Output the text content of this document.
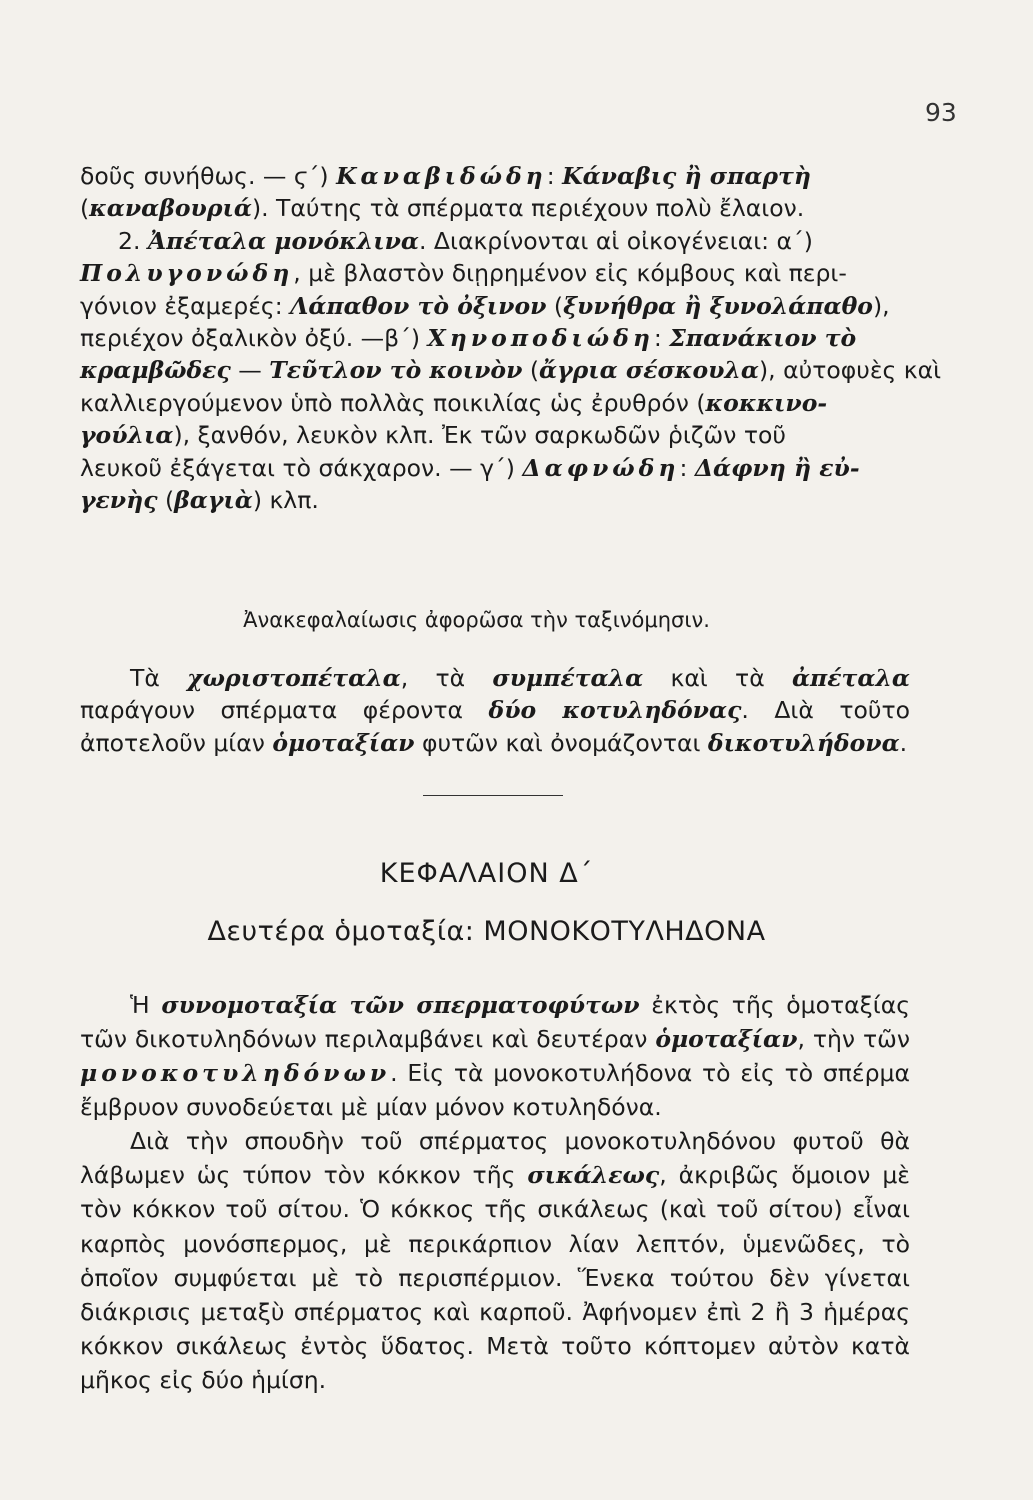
93
δοῦς συνήθως. — ϛ΄) Καναβιδώδη: Κάναβις ἢ σπαρτὴ
(καναβουριά). Ταύτης τὰ σπέρματα περιέχουν πολὺ ἔλαιον.
2. Ἀπέταλα μονόκλινα. Διακρίνονται αἱ οἰκογένειαι: α΄)
Πολυγονώδη, μὲ βλαστὸν διῃρημένον εἰς κόμβους καὶ περι-
γόνιον ἐξαμερές: Λάπαθον τὸ ὀξινον (ξυνήθρα ἢ ξυνολάπαθο),
περιέχον ὀξαλικὸν ὀξύ. —β΄) Χηνοποδιώδη: Σπανάκιον τὸ
κραμβῶδες — Τεῦτλον τὸ κοινὸν (ἄγρια σέσκουλα), αὐτοφυὲς καὶ
καλλιεργούμενον ὑπὸ πολλὰς ποικιλίας ὡς ἐρυθρόν (κοκκινο-
γούλια), ξανθόν, λευκὸν κλπ. Ἐκ τῶν σαρκωδῶν ῥιζῶν τοῦ
λευκοῦ ἐξάγεται τὸ σάκχαρον. — γ΄) Δαφνώδη: Δάφνη ἢ εὐ-
γενὴς (βαγιὰ) κλπ.
Ἀνακεφαλαίωσις ἀφορῶσα τὴν ταξινόμησιν.

Τὰ χωριστοπέταλα, τὰ συμπέταλα καὶ τὰ ἀπέταλα παράγουν σπέρματα φέροντα δύο κοτυληδόνας. Διὰ τοῦτο ἀποτελοῦν μίαν ὁμοταξίαν φυτῶν καὶ ὀνομάζονται δικοτυλήδονα.

ΚΕΦΑΛΑΙΟΝ Δ΄
Δευτέρα ὁμοταξία: ΜΟΝΟΚΟΤΥΛΗΔΟΝΑ

Ἡ συνομοταξία τῶν σπερματοφύτων ἐκτὸς τῆς ὁμοταξίας τῶν δικοτυληδόνων περιλαμβάνει καὶ δευτέραν ὁμοταξίαν, τὴν τῶν μονοκοτυληδόνων. Εἰς τὰ μονοκοτυλήδονα τὸ εἰς τὸ σπέρμα ἔμβρυον συνοδεύεται μὲ μίαν μόνον κοτυληδόνα.

Διὰ τὴν σπουδὴν τοῦ σπέρματος μονοκοτυληδόνου φυτοῦ θὰ λάβωμεν ὡς τύπον τὸν κόκκον τῆς σικάλεως, ἀκριβῶς ὅμοιον μὲ τὸν κόκκον τοῦ σίτου. Ὁ κόκκος τῆς σικάλεως (καὶ τοῦ σίτου) εἶναι καρπὸς μονόσπερμος, μὲ περικάρπιον λίαν λεπτόν, ὑμενῶδες, τὸ ὁποῖον συμφύεται μὲ τὸ περισπέρμιον. Ἕνεκα τούτου δὲν γίνεται διάκρισις μεταξὺ σπέρματος καὶ καρποῦ. Ἀφήνομεν ἐπὶ 2 ἢ 3 ἡμέρας κόκκον σικάλεως ἐντὸς ὕδατος. Μετὰ τοῦτο κόπτομεν αὐτὸν κατὰ μῆκος εἰς δύο ἡμίση.
